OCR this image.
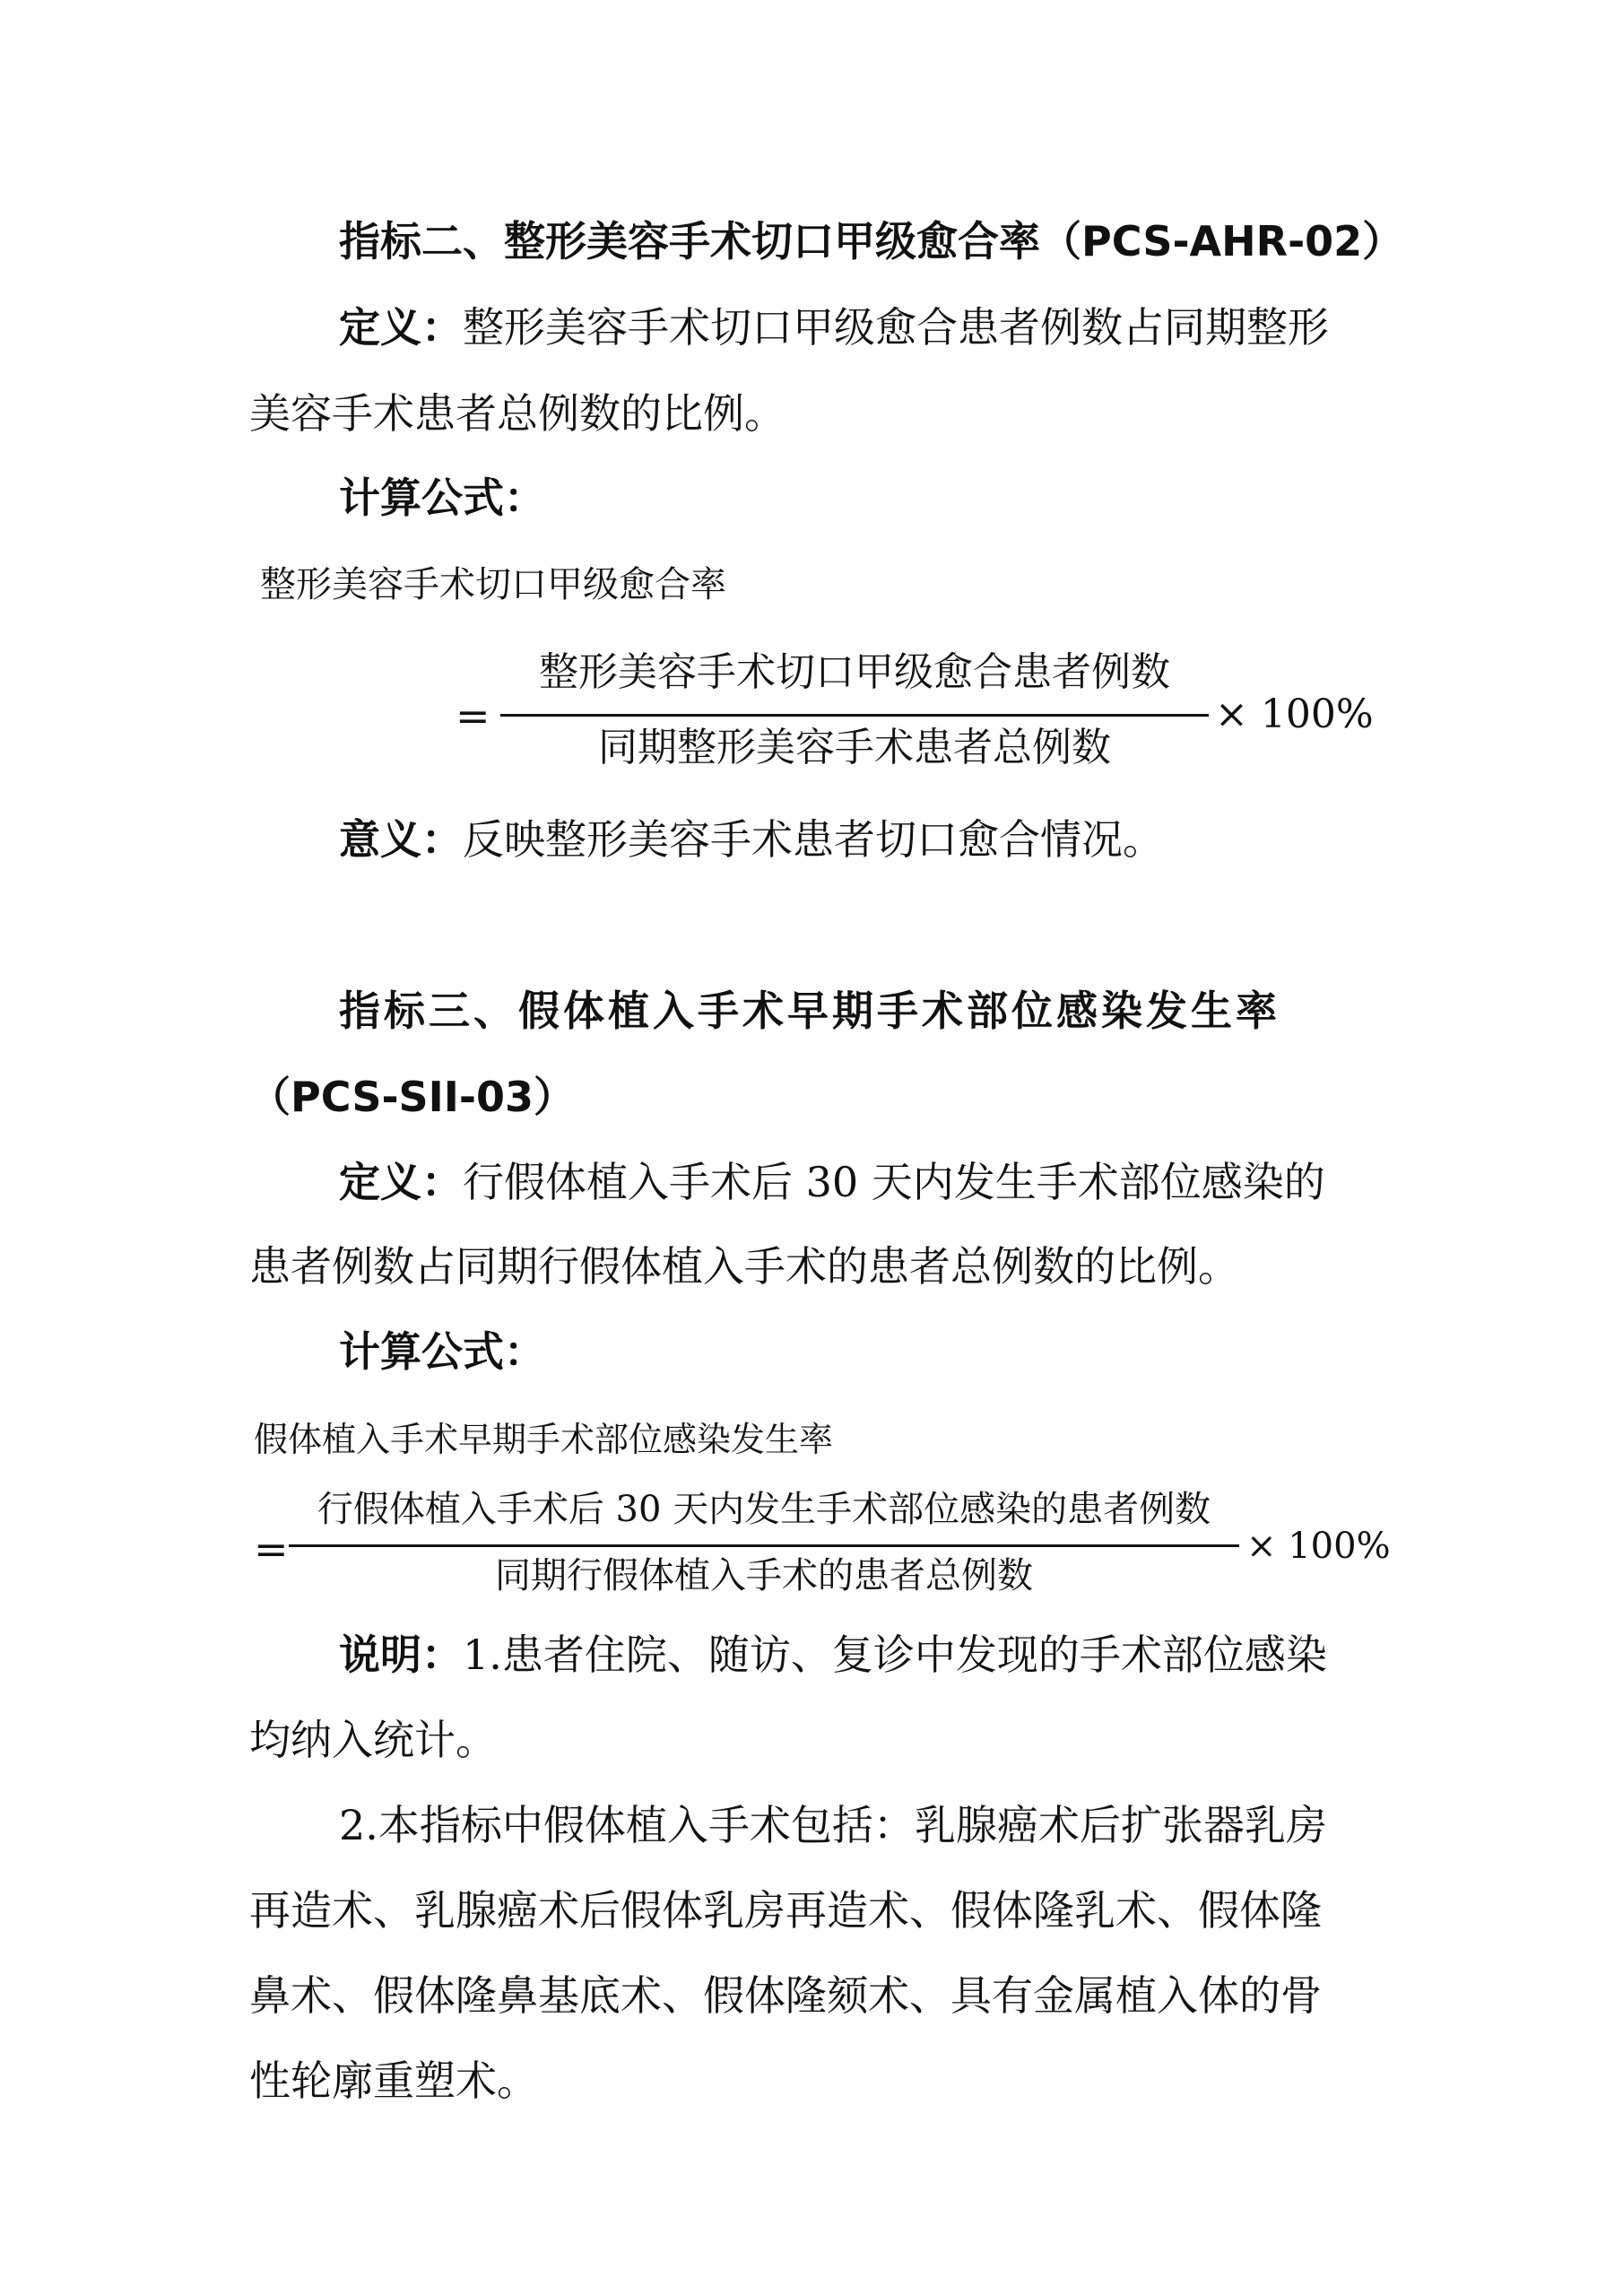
指标二、整形美容手术切口甲级愈合率（PCS-AHR-02）
定义：整形美容手术切口甲级愈合患者例数占同期整形
美容手术患者总例数的比例。
计算公式：
整形美容手术切口甲级愈合率
=
整形美容手术切口甲级愈合患者例数
同期整形美容手术患者总例数
× 100%
意义：反映整形美容手术患者切口愈合情况。
指标三、假体植入手术早期手术部位感染发生率
（PCS-SII-03）
定义：行假体植入手术后 30 天内发生手术部位感染的
患者例数占同期行假体植入手术的患者总例数的比例。
计算公式：
假体植入手术早期手术部位感染发生率
=
行假体植入手术后 30 天内发生手术部位感染的患者例数
同期行假体植入手术的患者总例数
× 100%
说明：1.患者住院、随访、复诊中发现的手术部位感染
均纳入统计。
2.本指标中假体植入手术包括：乳腺癌术后扩张器乳房
再造术、乳腺癌术后假体乳房再造术、假体隆乳术、假体隆
鼻术、假体隆鼻基底术、假体隆颏术、具有金属植入体的骨
性轮廓重塑术。
